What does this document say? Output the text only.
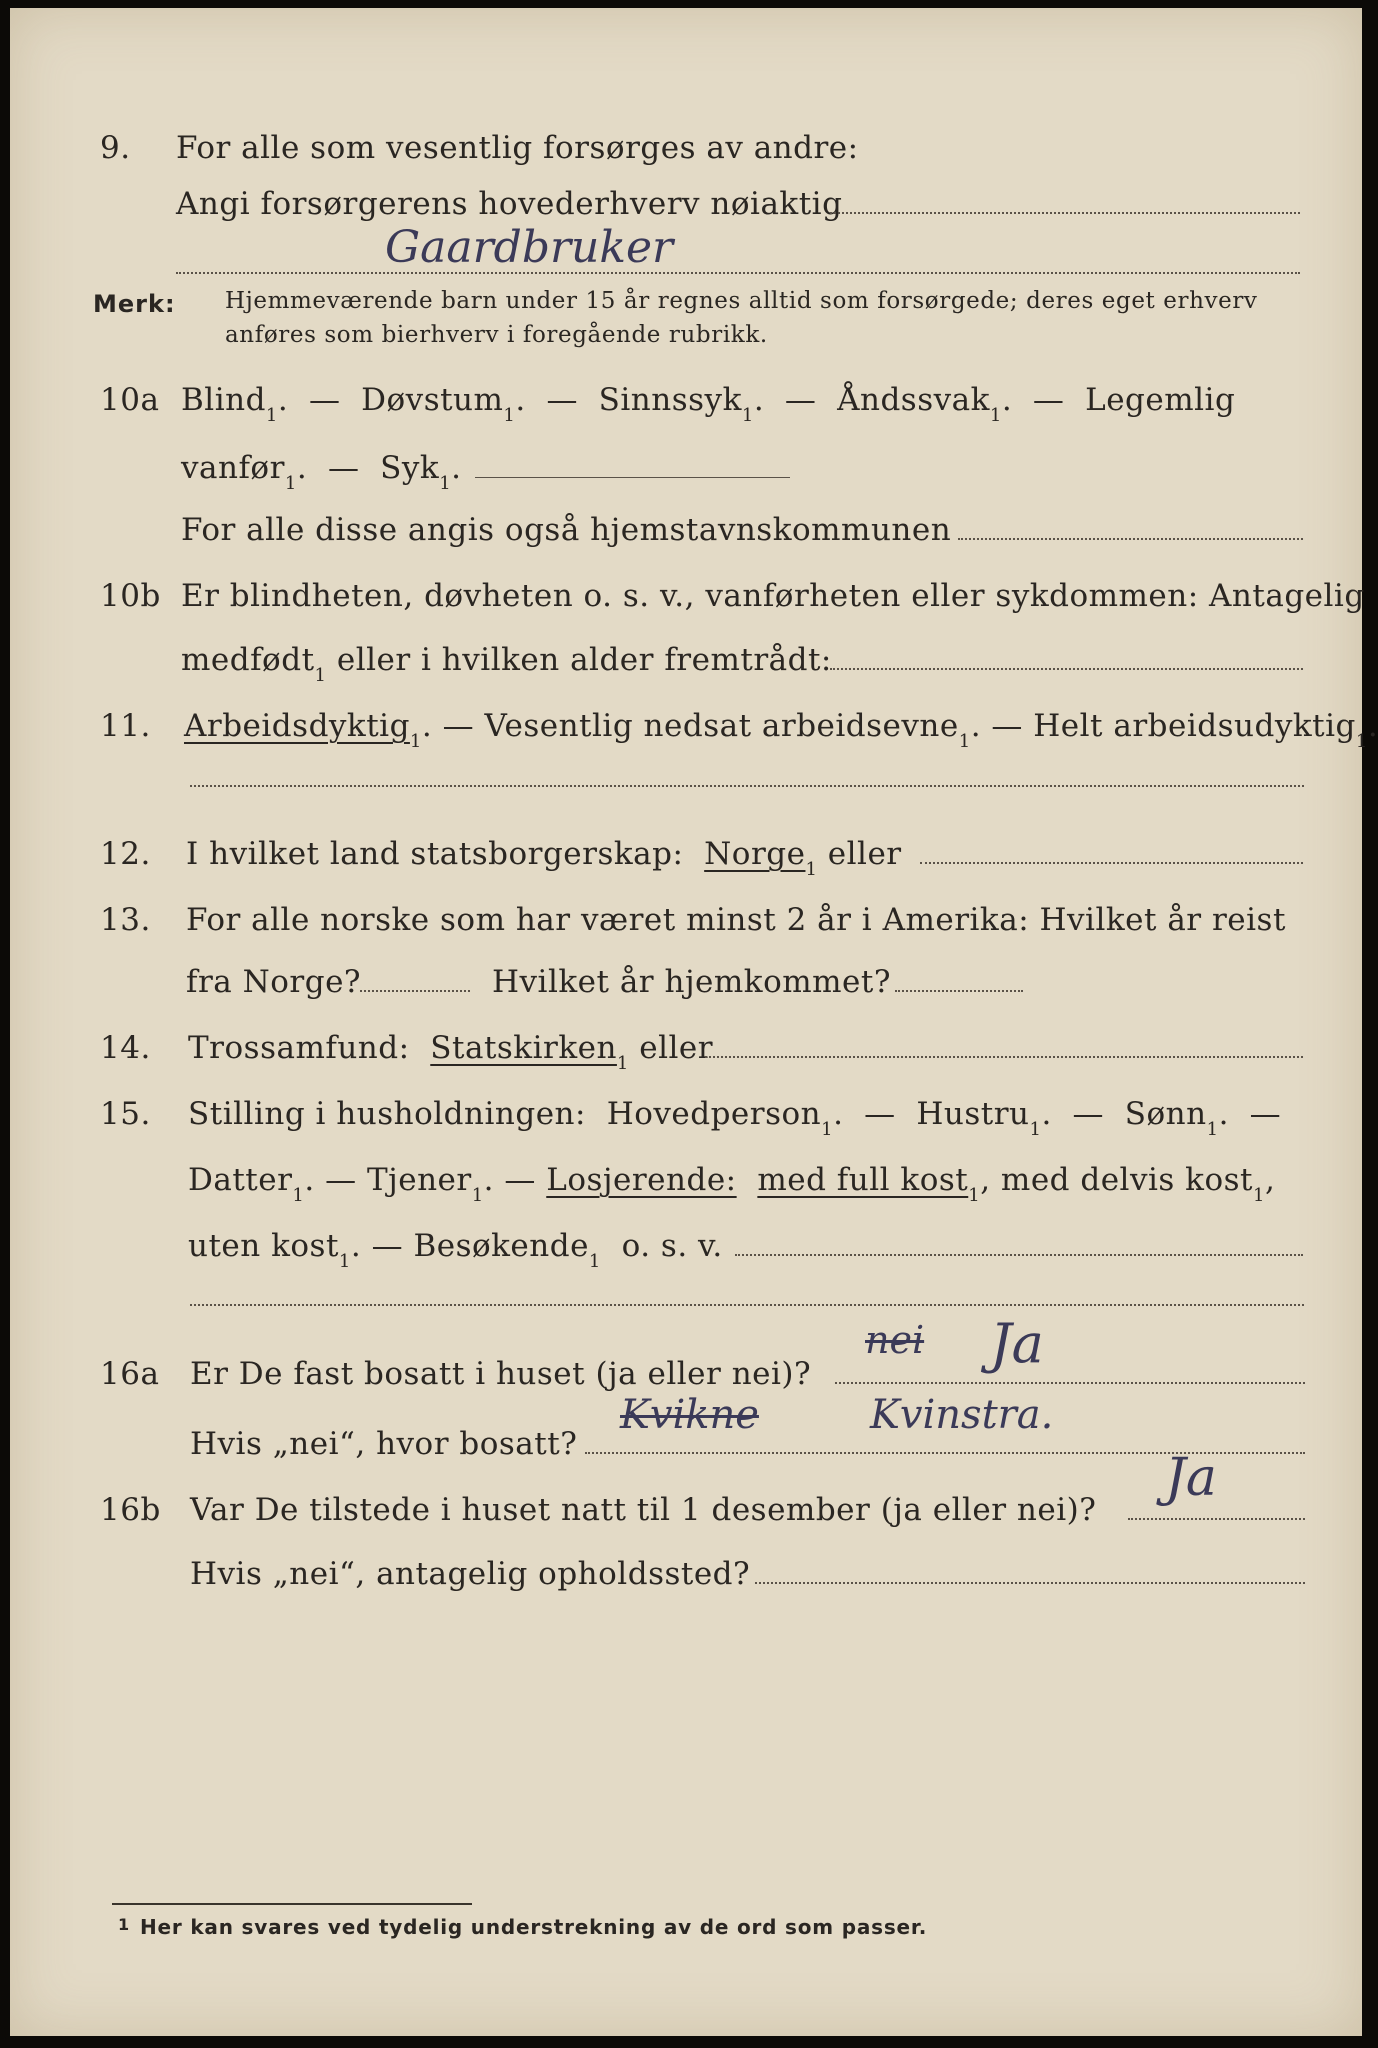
9.	For alle som vesentlig forsørges av andre:
Angi forsørgerens hovederhverv nøiaktig
Gaardbruker
Merk: Hjemmeværende barn under 15 år regnes alltid som forsørgede; deres eget erhverv
anføres som bierhverv i foregående rubrikk.
10a Blind 1 . —
Døvstum 1 . —
Sinnssyk 1 . —
Åndssvak 1 . —
Legemlig
vanfør 1 . —
Syk 1 .
For alle disse angis også hjemstavnskommunen
10b Er blindheten, døvheten o. s. v., vanførheten eller sykdommen: Antagelig
medfødt 1
eller i hvilken alder fremtrådt:
11.	Arbeidsdyktig 1 . — Vesentlig nedsat arbeidsevne 1 . — Helt arbeidsudyktig 1 .
12.	I hvilket land statsborgerskap:
Norge 1
eller
13.	For alle norske som har været minst 2 år i Amerika: Hvilket år reist
fra Norge?	Hvilket år hjemkommet?
14.	Trossamfund:
Statskirken 1
eller
15.	Stilling i husholdningen:
Hovedperson 1 . —
Hustru 1 . —
Sønn 1 . —
Datter 1 . —
Tjener 1 . —
Losjerende:
med full kost 1 , med delvis kost 1 ,
uten kost 1 . —
Besøkende 1
o. s. v.
16a Er De fast bosatt i huset (ja eller nei)?
nei Ja
Hvis „nei“, hvor bosatt?
Kvikne	Kvinstra.
16b Var De tilstede i huset natt til 1 desember (ja eller nei)?
Ja
Hvis „nei“, antagelig opholdssted?
1 Her kan svares ved tydelig understrekning av de ord som passer.
